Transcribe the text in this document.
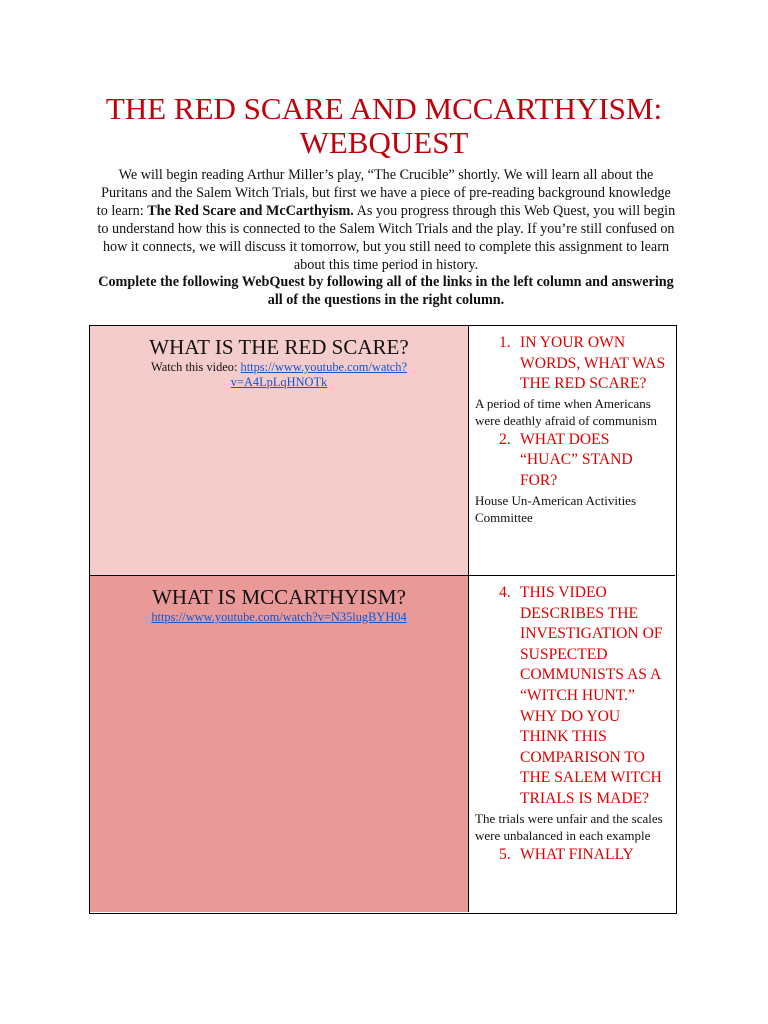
THE RED SCARE AND MCCARTHYISM:
WEBQUEST

We will begin reading Arthur Miller’s play, “The Crucible” shortly. We will learn all about the Puritans and the Salem Witch Trials, but first we have a piece of pre-reading background knowledge to learn: The Red Scare and McCarthyism. As you progress through this Web Quest, you will begin to understand how this is connected to the Salem Witch Trials and the play. If you’re still confused on how it connects, we will discuss it tomorrow, but you still need to complete this assignment to learn about this time period in history.

Complete the following WebQuest by following all of the links in the left column and answering all of the questions in the right column.

WHAT IS THE RED SCARE?

Watch this video: https://www.youtube.com/watch?
v=A4LpLqHNOTk

1. IN YOUR OWN WORDS, WHAT WAS THE RED SCARE?

A period of time when Americans were deathly afraid of communism

2. WHAT DOES “HUAC” STAND FOR?

House Un-American Activities Committee

WHAT IS MCCARTHYISM?

https://www.youtube.com/watch?v=N35lugBYH04

4. THIS VIDEO DESCRIBES THE INVESTIGATION OF SUSPECTED COMMUNISTS AS A “WITCH HUNT.” WHY DO YOU THINK THIS COMPARISON TO THE SALEM WITCH TRIALS IS MADE?

The trials were unfair and the scales were unbalanced in each example

5. WHAT FINALLY
